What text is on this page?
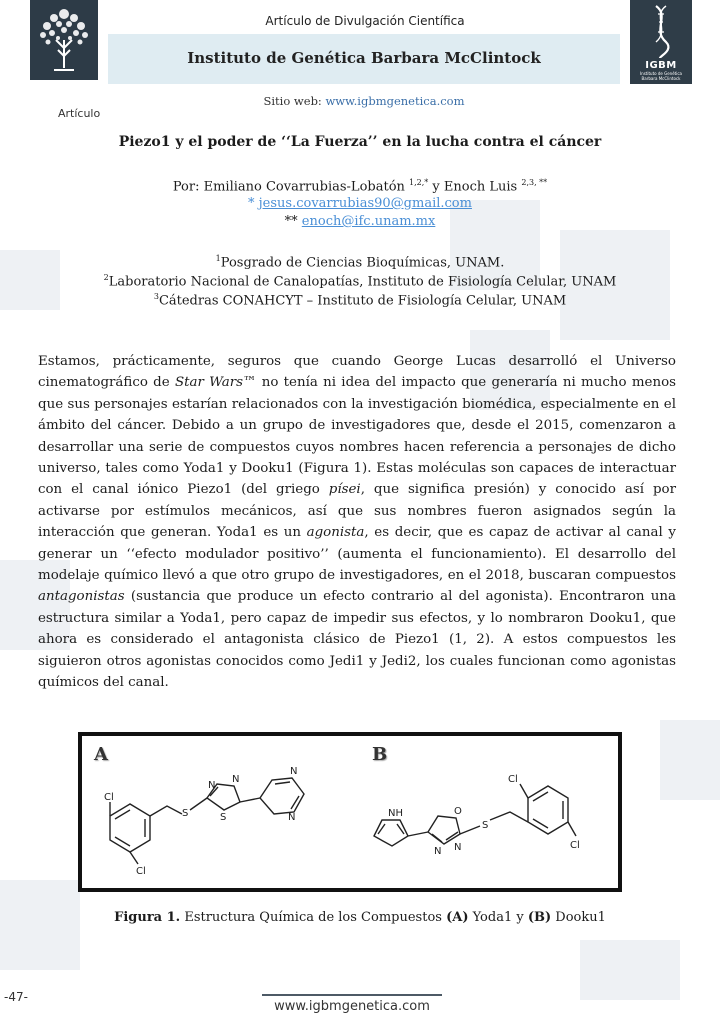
IGBM
Instituto de Genética
Barbara McClintock
Artículo de Divulgación Científica
Instituto de Genética Barbara McClintock
Sitio web: www.igbmgenetica.com
Artículo
Piezo1 y el poder de ‘‘La Fuerza’’ en la lucha contra el cáncer
Por: Emiliano Covarrubias-Lobatón $^{1,2,*}$ y Enoch Luis $^{2,3, **}$
* jesus.covarrubias90@gmail.com
** enoch@ifc.unam.mx
$^1$Posgrado de Ciencias Bioquímicas, UNAM.
$^2$Laboratorio Nacional de Canalopatías, Instituto de Fisiología Celular, UNAM
$^3$Cátedras CONAHCYT – Instituto de Fisiología Celular, UNAM

Estamos, prácticamente, seguros que cuando George Lucas desarrolló el Universo cinematográfico de Star Wars™ no tenía ni idea del impacto que generaría ni mucho menos que sus personajes estarían relacionados con la investigación biomédica, especialmente en el ámbito del cáncer. Debido a un grupo de investigadores que, desde el 2015, comenzaron a desarrollar una serie de compuestos cuyos nombres hacen referencia a personajes de dicho universo, tales como Yoda1 y Dooku1 (Figura 1). Estas moléculas son capaces de interactuar con el canal iónico Piezo1 (del griego písei, que significa presión) y conocido así por activarse por estímulos mecánicos, así que sus nombres fueron asignados según la interacción que generan. Yoda1 es un agonista, es decir, que es capaz de activar al canal y generar un ‘‘efecto modulador positivo’’ (aumenta el funcionamiento). El desarrollo del modelaje químico llevó a que otro grupo de investigadores, en el 2018, buscaran compuestos antagonistas (sustancia que produce un efecto contrario al del agonista). Encontraron una estructura similar a Yoda1, pero capaz de impedir sus efectos, y lo nombraron Dooku1, que ahora es considerado el antagonista clásico de Piezo1 (1, 2). A estos compuestos les siguieron otros agonistas conocidos como Jedi1 y Jedi2, los cuales funcionan como agonistas químicos del canal.

A	B
Cl
Cl
S
N
N
S
N
N	NH	O
N N
S
Cl
Cl
Figura 1. Estructura Química de los Compuestos (A) Yoda1 y (B) Dooku1
-47-
www.igbmgenetica.com
